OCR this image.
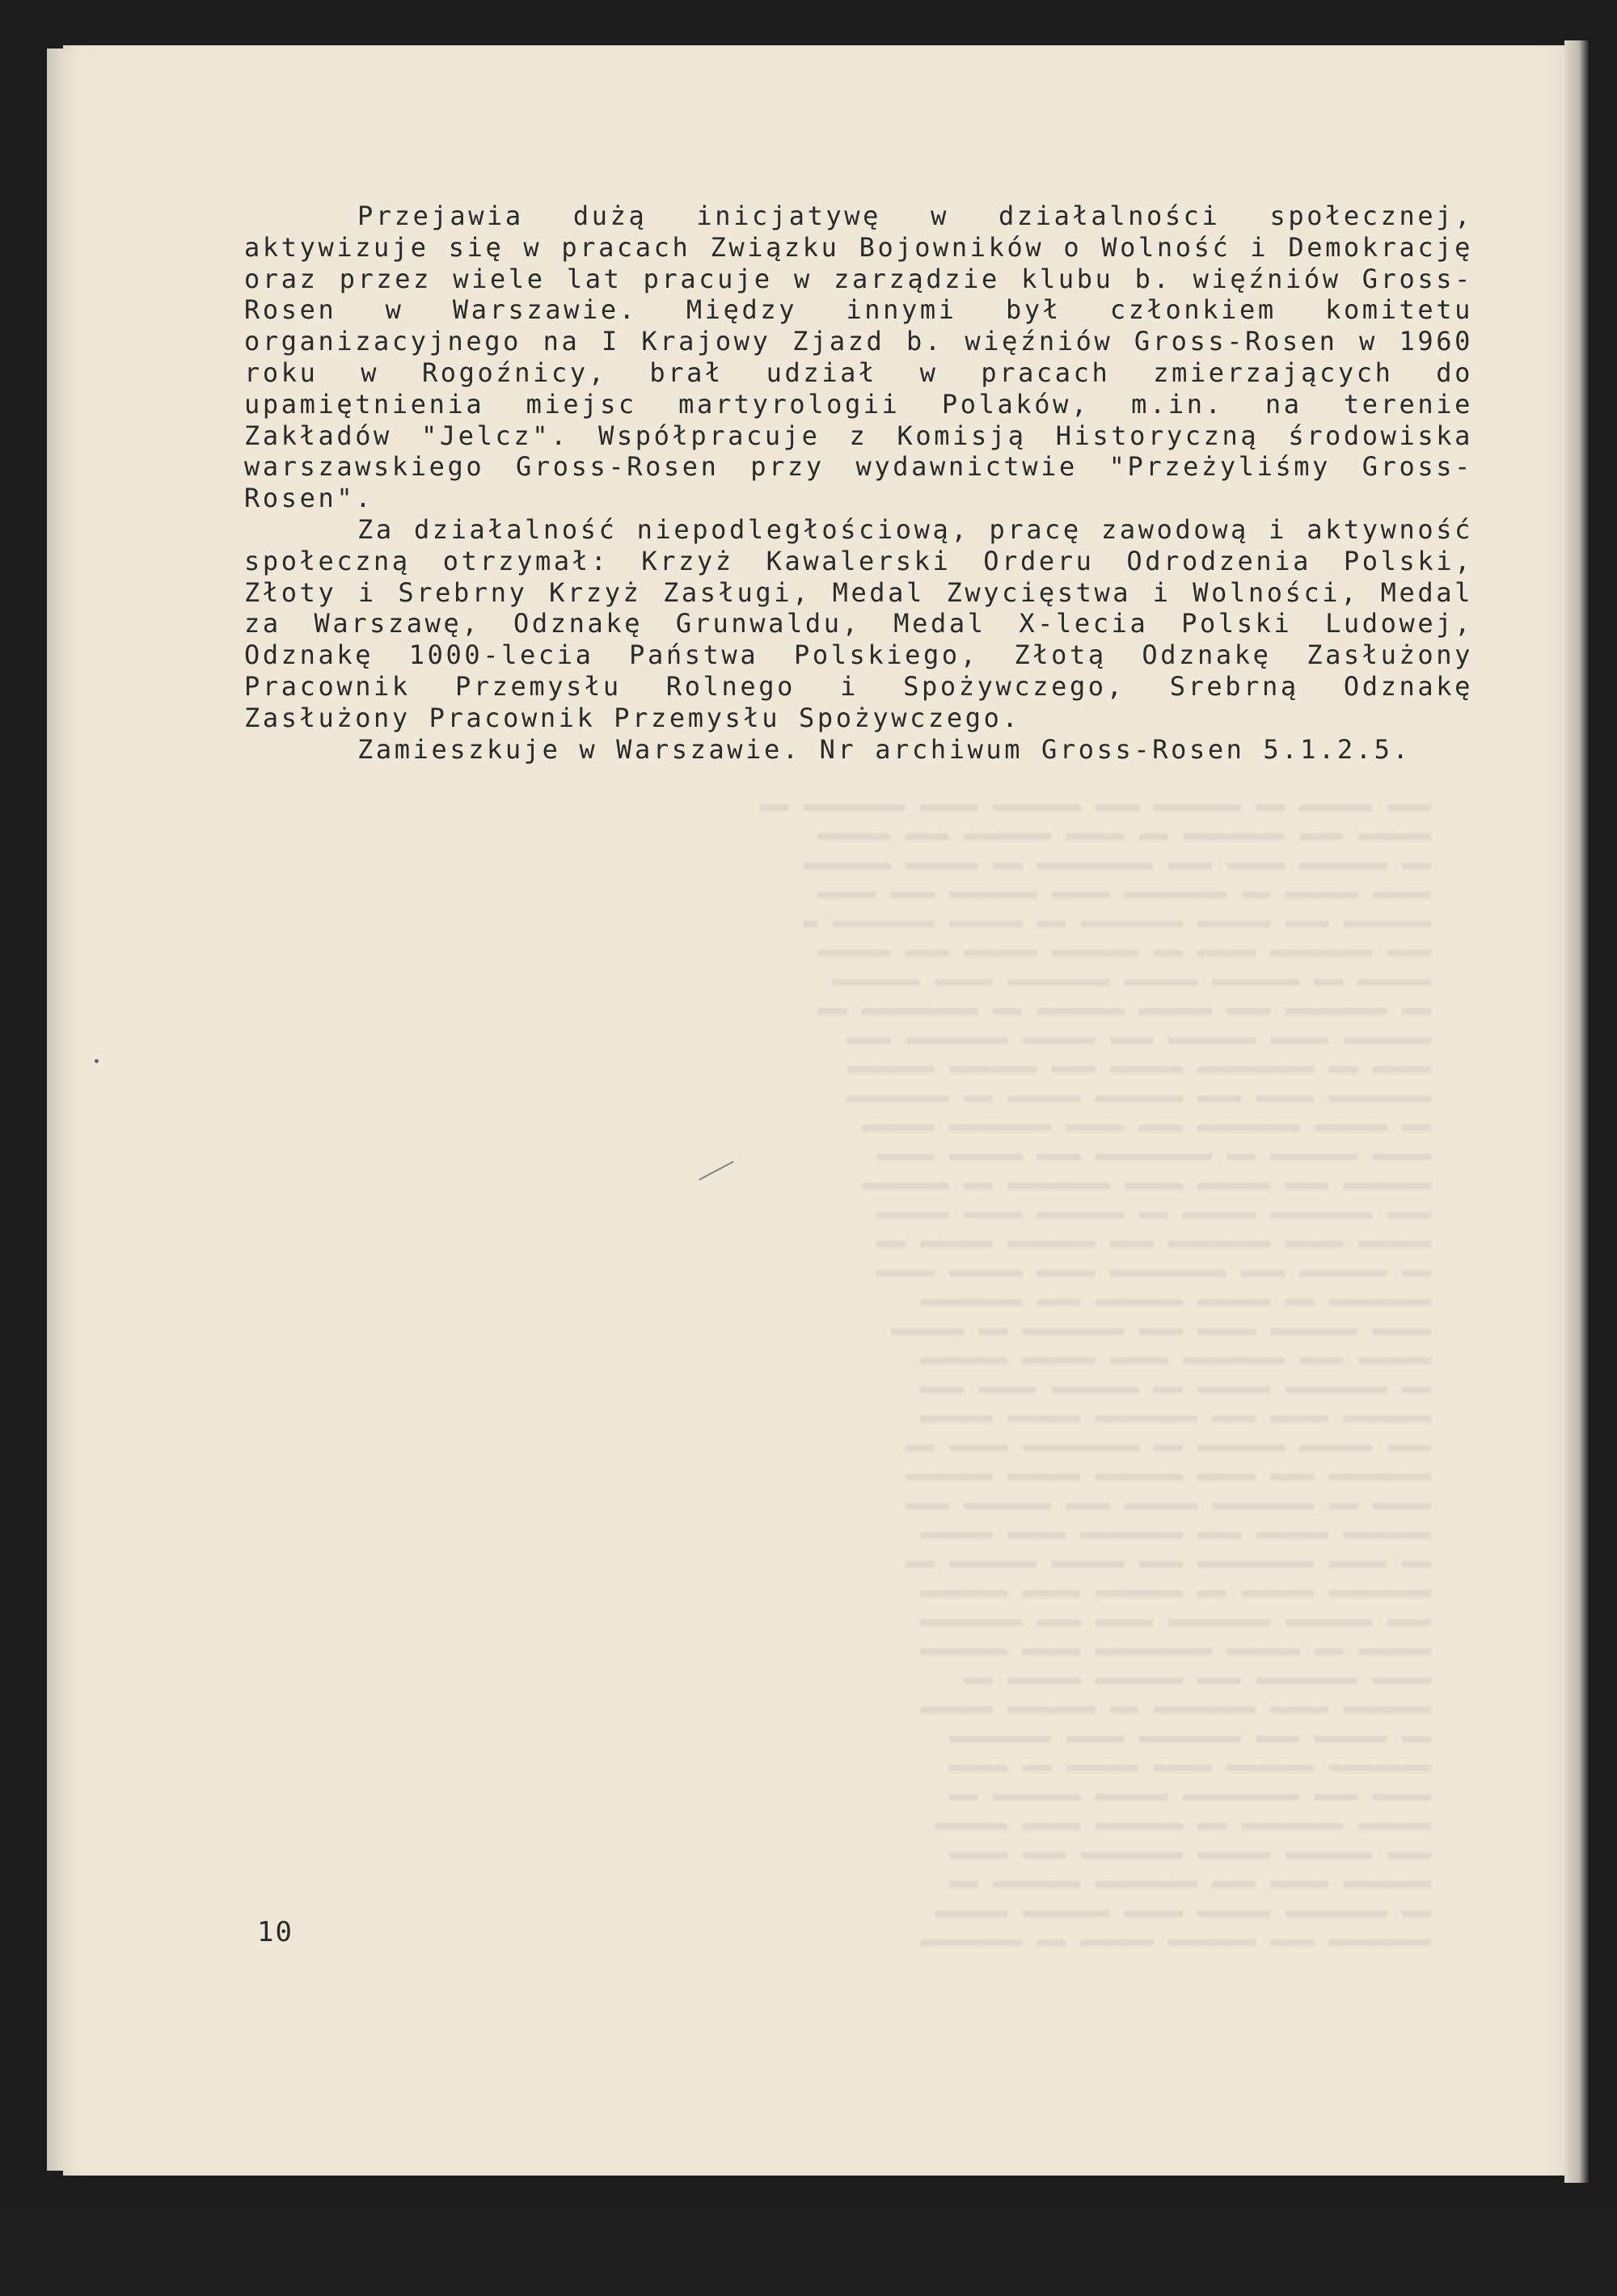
Przejawia dużą inicjatywę w działalności społecznej, aktywizuje się w pracach Związku Bojowników o Wolność i Demokrację oraz przez wiele lat pracuje w zarządzie klubu b. więźniów Gross-Rosen w Warszawie. Między innymi był członkiem komitetu organizacyjnego na I Krajowy Zjazd b. więźniów Gross-Rosen w 1960 roku w Rogoźnicy, brał udział w pracach zmierzających do upamiętnienia miejsc martyrologii Polaków, m.in. na terenie Zakładów "Jelcz". Współpracuje z Komisją Historyczną środowiska warszawskiego Gross-Rosen przy wydawnictwie "Przeżyliśmy Gross-Rosen".

Za działalność niepodległościową, pracę zawodową i aktywność społeczną otrzymał: Krzyż Kawalerski Orderu Odrodzenia Polski, Złoty i Srebrny Krzyż Zasługi, Medal Zwycięstwa i Wolności, Medal za Warszawę, Odznakę Grunwaldu, Medal X-lecia Polski Ludowej, Odznakę 1000-lecia Państwa Polskiego, Złotą Odznakę Zasłużony Pracownik Przemysłu Rolnego i Spożywczego, Srebrną Odznakę Zasłużony Pracownik Przemysłu Spożywczego.

Zamieszkuje w Warszawie. Nr archiwum Gross-Rosen 5.1.2.5.

10
